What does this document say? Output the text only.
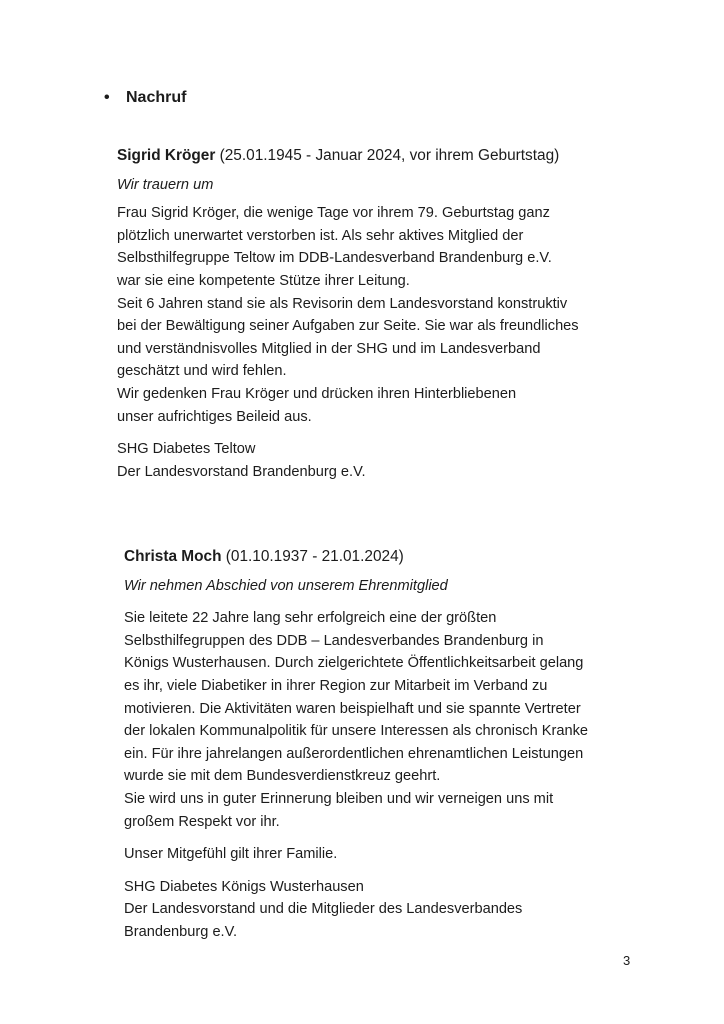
• Nachruf

Sigrid Kröger (25.01.1945 - Januar 2024, vor ihrem Geburtstag)

Wir trauern um

Frau Sigrid Kröger, die wenige Tage vor ihrem 79. Geburtstag ganz

plötzlich unerwartet verstorben ist. Als sehr aktives Mitglied der

Selbsthilfegruppe Teltow im DDB-Landesverband Brandenburg e.V.

war sie eine kompetente Stütze ihrer Leitung.

Seit 6 Jahren stand sie als Revisorin dem Landesvorstand konstruktiv

bei der Bewältigung seiner Aufgaben zur Seite. Sie war als freundliches

und verständnisvolles Mitglied in der SHG und im Landesverband

geschätzt und wird fehlen.

Wir gedenken Frau Kröger und drücken ihren Hinterbliebenen

unser aufrichtiges Beileid aus.

SHG Diabetes Teltow

Der Landesvorstand Brandenburg e.V.

Christa Moch (01.10.1937 - 21.01.2024)

Wir nehmen Abschied von unserem Ehrenmitglied

Sie leitete 22 Jahre lang sehr erfolgreich eine der größten

Selbsthilfegruppen des DDB – Landesverbandes Brandenburg in

Königs Wusterhausen. Durch zielgerichtete Öffentlichkeitsarbeit gelang

es ihr, viele Diabetiker in ihrer Region zur Mitarbeit im Verband zu

motivieren. Die Aktivitäten waren beispielhaft und sie spannte Vertreter

der lokalen Kommunalpolitik für unsere Interessen als chronisch Kranke

ein. Für ihre jahrelangen außerordentlichen ehrenamtlichen Leistungen

wurde sie mit dem Bundesverdienstkreuz geehrt.

Sie wird uns in guter Erinnerung bleiben und wir verneigen uns mit

großem Respekt vor ihr.

Unser Mitgefühl gilt ihrer Familie.

SHG Diabetes Königs Wusterhausen

Der Landesvorstand und die Mitglieder des Landesverbandes

Brandenburg e.V.

3
